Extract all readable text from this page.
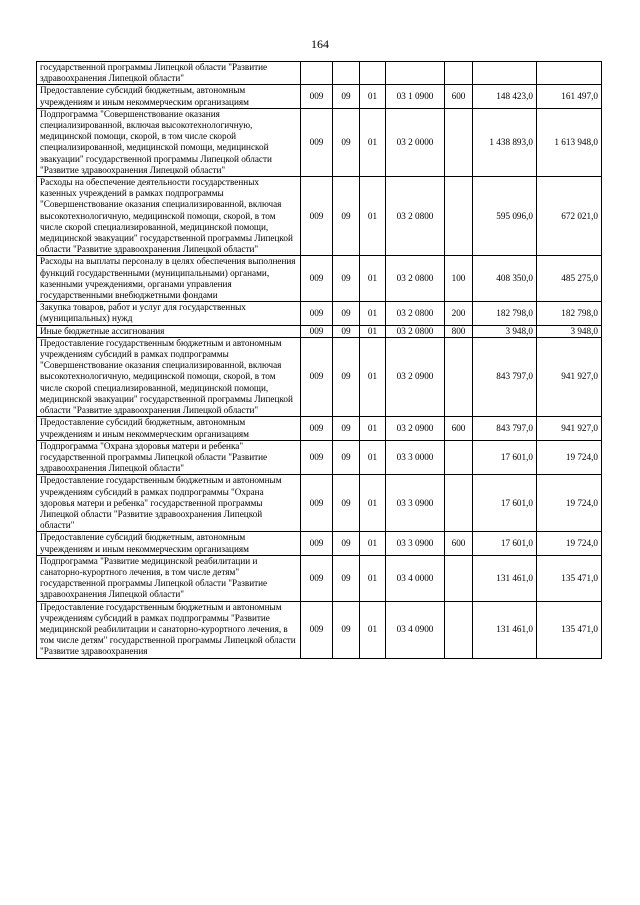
164
государственной программы Липецкой области "Развитие здравоохранения Липецкой области"							
Предоставление субсидий бюджетным, автономным учреждениям и иным некоммерческим организациям	009	09	01	03 1 0900	600	148 423,0	161 497,0
Подпрограмма "Совершенствование оказания специализированной, включая высокотехнологичную, медицинской помощи, скорой, в том числе скорой специализированной, медицинской помощи, медицинской эвакуации" государственной программы Липецкой области "Развитие здравоохранения Липецкой области"	009	09	01	03 2 0000		1 438 893,0	1 613 948,0
Расходы на обеспечение деятельности государственных казенных учреждений в рамках подпрограммы "Совершенствование оказания специализированной, включая высокотехнологичную, медицинской помощи, скорой, в том числе скорой специализированной, медицинской помощи, медицинской эвакуации" государственной программы Липецкой области "Развитие здравоохранения Липецкой области"	009	09	01	03 2 0800		595 096,0	672 021,0
Расходы на выплаты персоналу в целях обеспечения выполнения функций государственными (муниципальными) органами, казенными учреждениями, органами управления государственными внебюджетными фондами	009	09	01	03 2 0800	100	408 350,0	485 275,0
Закупка товаров, работ и услуг для государственных (муниципальных) нужд	009	09	01	03 2 0800	200	182 798,0	182 798,0
Иные бюджетные ассигнования	009	09	01	03 2 0800	800	3 948,0	3 948,0
Предоставление государственным бюджетным и автономным учреждениям субсидий в рамках подпрограммы "Совершенствование оказания специализированной, включая высокотехнологичную, медицинской помощи, скорой, в том числе скорой специализированной, медицинской помощи, медицинской эвакуации" государственной программы Липецкой области "Развитие здравоохранения Липецкой области"	009	09	01	03 2 0900		843 797,0	941 927,0
Предоставление субсидий бюджетным, автономным учреждениям и иным некоммерческим организациям	009	09	01	03 2 0900	600	843 797,0	941 927,0
Подпрограмма "Охрана здоровья матери и ребенка" государственной программы Липецкой области "Развитие здравоохранения Липецкой области"	009	09	01	03 3 0000		17 601,0	19 724,0
Предоставление государственным бюджетным и автономным учреждениям субсидий в рамках подпрограммы "Охрана здоровья матери и ребенка" государственной программы Липецкой области "Развитие здравоохранения Липецкой области"	009	09	01	03 3 0900		17 601,0	19 724,0
Предоставление субсидий бюджетным, автономным учреждениям и иным некоммерческим организациям	009	09	01	03 3 0900	600	17 601,0	19 724,0
Подпрограмма "Развитие медицинской реабилитации и санаторно-курортного лечения, в том числе детям" государственной программы Липецкой области "Развитие здравоохранения Липецкой области"	009	09	01	03 4 0000		131 461,0	135 471,0
Предоставление государственным бюджетным и автономным учреждениям субсидий в рамках подпрограммы "Развитие медицинской реабилитации и санаторно-курортного лечения, в том числе детям" государственной программы Липецкой области "Развитие здравоохранения	009	09	01	03 4 0900		131 461,0	135 471,0
